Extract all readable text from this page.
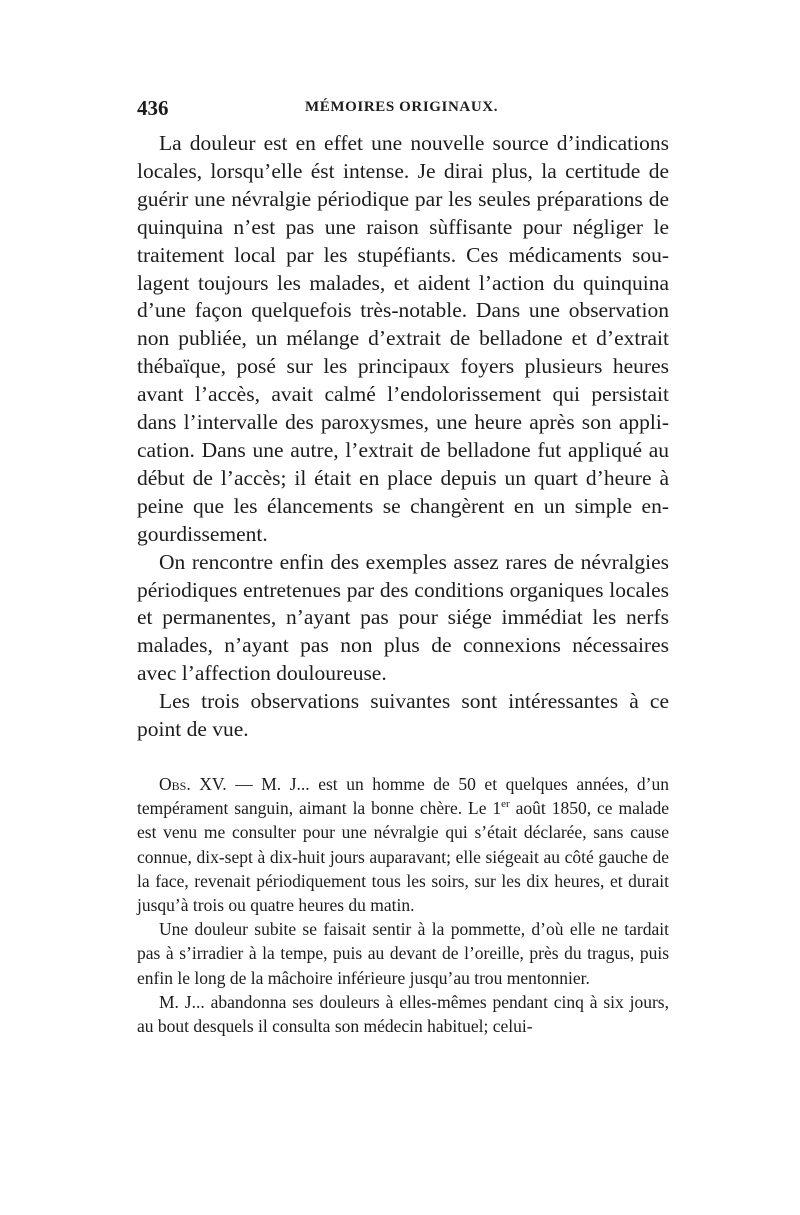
436	MÉMOIRES ORIGINAUX.

La douleur est en effet une nouvelle source d’indications locales, lorsqu’elle ést intense. Je dirai plus, la certitude de guérir une névralgie périodique par les seules préparations de quinquina n’est pas une raison sùffisante pour négliger le traitement local par les stupéfiants. Ces médicaments soulagent toujours les malades, et aident l’action du quinquina d’une façon quelquefois très-notable. Dans une observation non publiée, un mélange d’extrait de belladone et d’extrait thébaïque, posé sur les principaux foyers plusieurs heures avant l’accès, avait calmé l’endolorissement qui persistait dans l’intervalle des paroxysmes, une heure après son application. Dans une autre, l’extrait de belladone fut appliqué au début de l’accès; il était en place depuis un quart d’heure à peine que les élancements se changèrent en un simple engourdissement.

On rencontre enfin des exemples assez rares de névralgies périodiques entretenues par des conditions organiques locales et permanentes, n’ayant pas pour siége immédiat les nerfs malades, n’ayant pas non plus de connexions nécessaires avec l’affection douloureuse.

Les trois observations suivantes sont intéressantes à ce point de vue.

Obs. XV. — M. J... est un homme de 50 et quelques années, d’un tempérament sanguin, aimant la bonne chère. Le 1er août 1850, ce malade est venu me consulter pour une névralgie qui s’était déclarée, sans cause connue, dix-sept à dix-huit jours auparavant; elle siégeait au côté gauche de la face, revenait périodiquement tous les soirs, sur les dix heures, et durait jusqu’à trois ou quatre heures du matin.

Une douleur subite se faisait sentir à la pommette, d’où elle ne tardait pas à s’irradier à la tempe, puis au devant de l’oreille, près du tragus, puis enfin le long de la mâchoire inférieure jusqu’au trou mentonnier.

M. J... abandonna ses douleurs à elles-mêmes pendant cinq à six jours, au bout desquels il consulta son médecin habituel; celui-
